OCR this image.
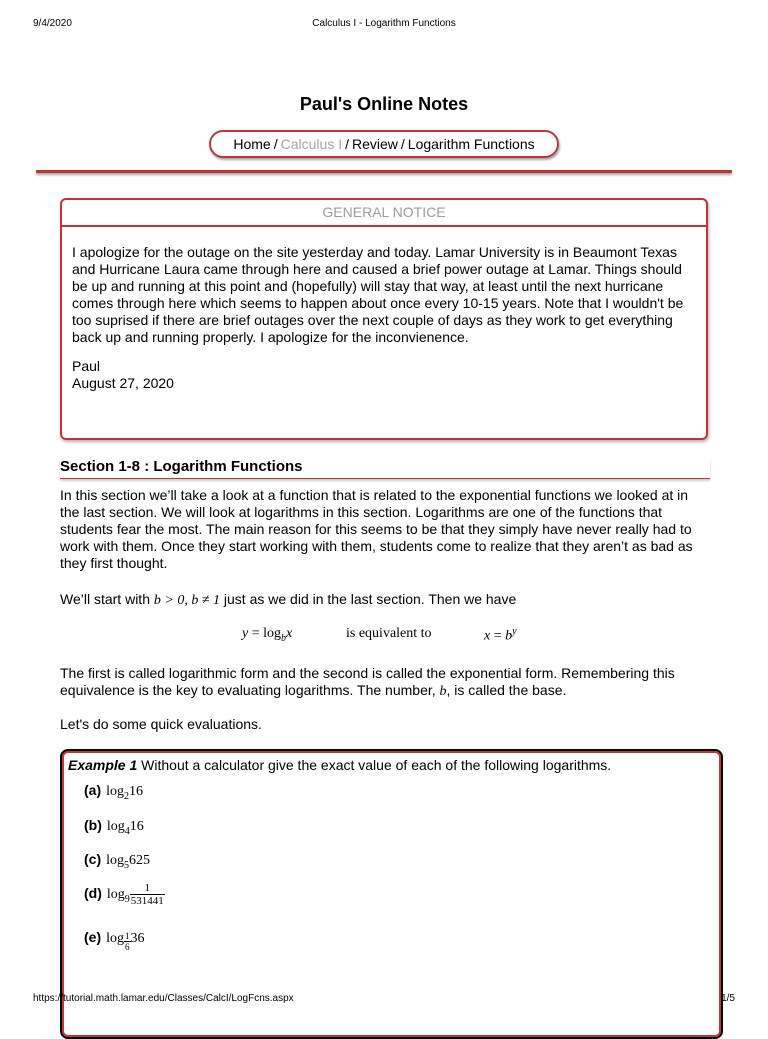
9/4/2020	Calculus I - Logarithm Functions
Paul's Online Notes
Home / Calculus I / Review / Logarithm Functions
GENERAL NOTICE

I apologize for the outage on the site yesterday and today. Lamar University is in Beaumont Texas and Hurricane Laura came through here and caused a brief power outage at Lamar. Things should be up and running at this point and (hopefully) will stay that way, at least until the next hurricane comes through here which seems to happen about once every 10-15 years. Note that I wouldn't be too suprised if there are brief outages over the next couple of days as they work to get everything back up and running properly. I apologize for the inconvienence.

Paul
August 27, 2020

Section 1-8 : Logarithm Functions

In this section we’ll take a look at a function that is related to the exponential functions we looked at in the last section. We will look at logarithms in this section. Logarithms are one of the functions that students fear the most. The main reason for this seems to be that they simply have never really had to work with them. Once they start working with them, students come to realize that they aren’t as bad as they first thought.

We’ll start with b > 0, b ≠ 1 just as we did in the last section. Then we have

$y = \log_bx$	is equivalent to	$x = b^y$

The first is called logarithmic form and the second is called the exponential form. Remembering this equivalence is the key to evaluating logarithms. The number, b, is called the base.

Let's do some quick evaluations.

Example 1 Without a calculator give the exact value of each of the following logarithms.
(a) $\log_216$
(b) $\log_416$
(c) $\log_5625$
(d) $\log_9 \frac{1}{531441}$
(e) $\log \frac{1}{6} 36$
https://tutorial.math.lamar.edu/Classes/CalcI/LogFcns.aspx	1/5
